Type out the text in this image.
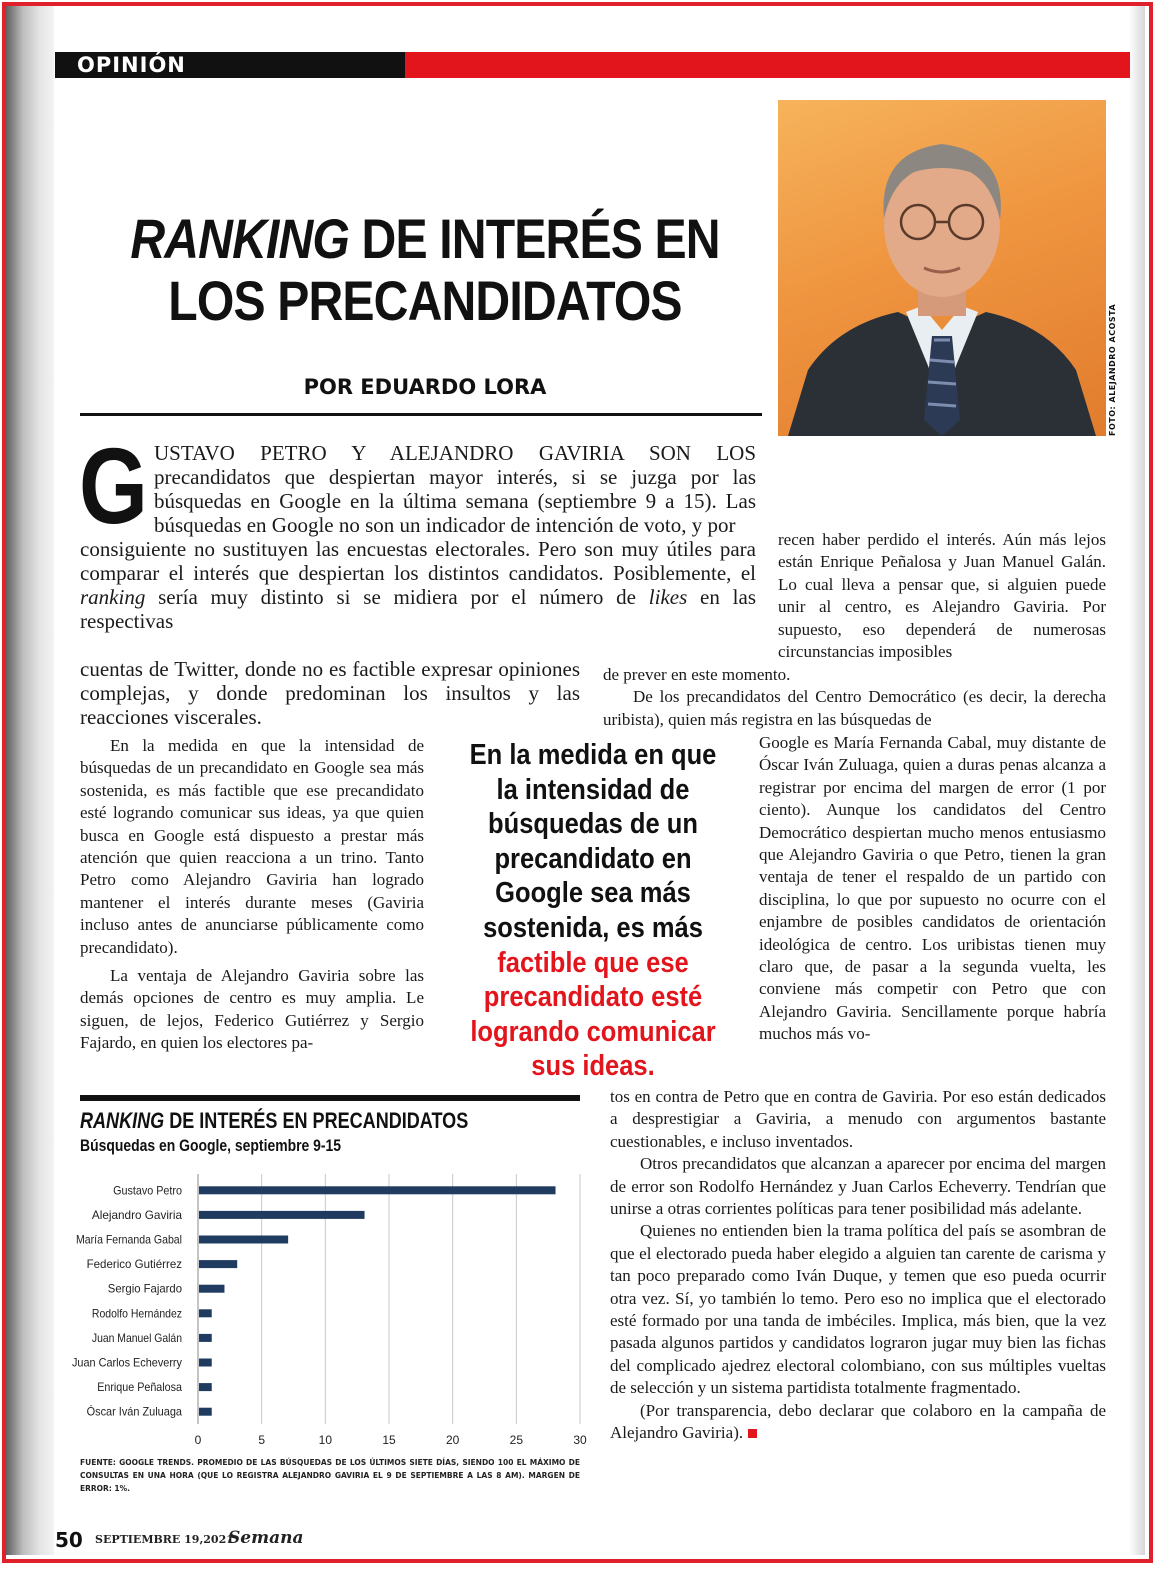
OPINIÓN
FOTO: ALEJANDRO ACOSTA
RANKING DE INTERÉS EN
LOS PRECANDIDATOS
POR EDUARDO LORA
G USTAVO PETRO Y ALEJANDRO GAVIRIA SON LOS precandidatos que despiertan mayor interés, si se juzga por las búsquedas en Google en la última semana (septiembre 9 a 15). Las búsquedas en Google no son un indicador de intención de voto, y por

consiguiente no sustituyen las encuestas electorales. Pero son muy útiles para comparar el interés que despiertan los distintos candidatos. Posiblemente, el ranking sería muy distinto si se midiera por el número de likes en las respectivas

cuentas de Twitter, donde no es factible expresar opiniones complejas, y donde predominan los insultos y las reacciones viscerales.

En la medida en que la intensidad de búsquedas de un precandidato en Google sea más sostenida, es más factible que ese precandidato esté logrando comunicar sus ideas, ya que quien busca en Google está dispuesto a prestar más atención que quien reacciona a un trino. Tanto Petro como Alejandro Gaviria han logrado mantener el interés durante meses (Gaviria incluso antes de anunciarse públicamente como precandidato).

La ventaja de Alejandro Gaviria sobre las demás opciones de centro es muy amplia. Le siguen, de lejos, Federico Gutiérrez y Sergio Fajardo, en quien los electores pa-

En la medida en que la intensidad de búsquedas de un precandidato en Google sea más sostenida, es más factible que ese precandidato esté logrando comunicar sus ideas.

recen haber perdido el interés. Aún más lejos están Enrique Peñalosa y Juan Manuel Galán. Lo cual lleva a pensar que, si alguien puede unir al centro, es Alejandro Gaviria. Por supuesto, eso dependerá de numerosas circunstancias imposibles

de prever en este momento.

De los precandidatos del Centro Democrático (es decir, la derecha uribista), quien más registra en las búsquedas de

Google es María Fernanda Cabal, muy distante de Óscar Iván Zuluaga, quien a duras penas alcanza a registrar por encima del margen de error (1 por ciento). Aunque los candidatos del Centro Democrático despiertan mucho menos entusiasmo que Alejandro Gaviria o que Petro, tienen la gran ventaja de tener el respaldo de un partido con disciplina, lo que por supuesto no ocurre con el enjambre de posibles candidatos de orientación ideológica de centro. Los uribistas tienen muy claro que, de pasar a la segunda vuelta, les conviene más competir con Petro que con Alejandro Gaviria. Sencillamente porque habría muchos más vo-

tos en contra de Petro que en contra de Gaviria. Por eso están dedicados a desprestigiar a Gaviria, a menudo con argumentos bastante cuestionables, e incluso inventados.

Otros precandidatos que alcanzan a aparecer por encima del margen de error son Rodolfo Hernández y Juan Carlos Echeverry. Tendrían que unirse a otras corrientes políticas para tener posibilidad más adelante.

Quienes no entienden bien la trama política del país se asombran de que el electorado pueda haber elegido a alguien tan carente de carisma y tan poco preparado como Iván Duque, y temen que eso pueda ocurrir otra vez. Sí, yo también lo temo. Pero eso no implica que el electorado esté formado por una tanda de imbéciles. Implica, más bien, que la vez pasada algunos partidos y candidatos lograron jugar muy bien las fichas del complicado ajedrez electoral colombiano, con sus múltiples vueltas de selección y un sistema partidista totalmente fragmentado.

(Por transparencia, debo declarar que colaboro en la campaña de Alejandro Gaviria).

RANKING DE INTERÉS EN PRECANDIDATOS
Búsquedas en Google, septiembre 9-15
0	5	10	15	20	25	30
Gustavo Petro
Alejandro Gaviria
María Fernanda Gabal
Federico Gutiérrez
Sergio Fajardo
Rodolfo Hernández
Juan Manuel Galán
Juan Carlos Echeverry
Enrique Peñalosa
Óscar Iván Zuluaga
FUENTE: GOOGLE TRENDS. PROMEDIO DE LAS BÚSQUEDAS DE LOS ÚLTIMOS SIETE DÍAS, SIENDO 100 EL MÁXIMO DE CONSULTAS EN UNA HORA (QUE LO REGISTRA ALEJANDRO GAVIRIA EL 9 DE SEPTIEMBRE A LAS 8 AM). MARGEN DE ERROR: 1%.
50 SEPTIEMBRE 19,2021
Semana
